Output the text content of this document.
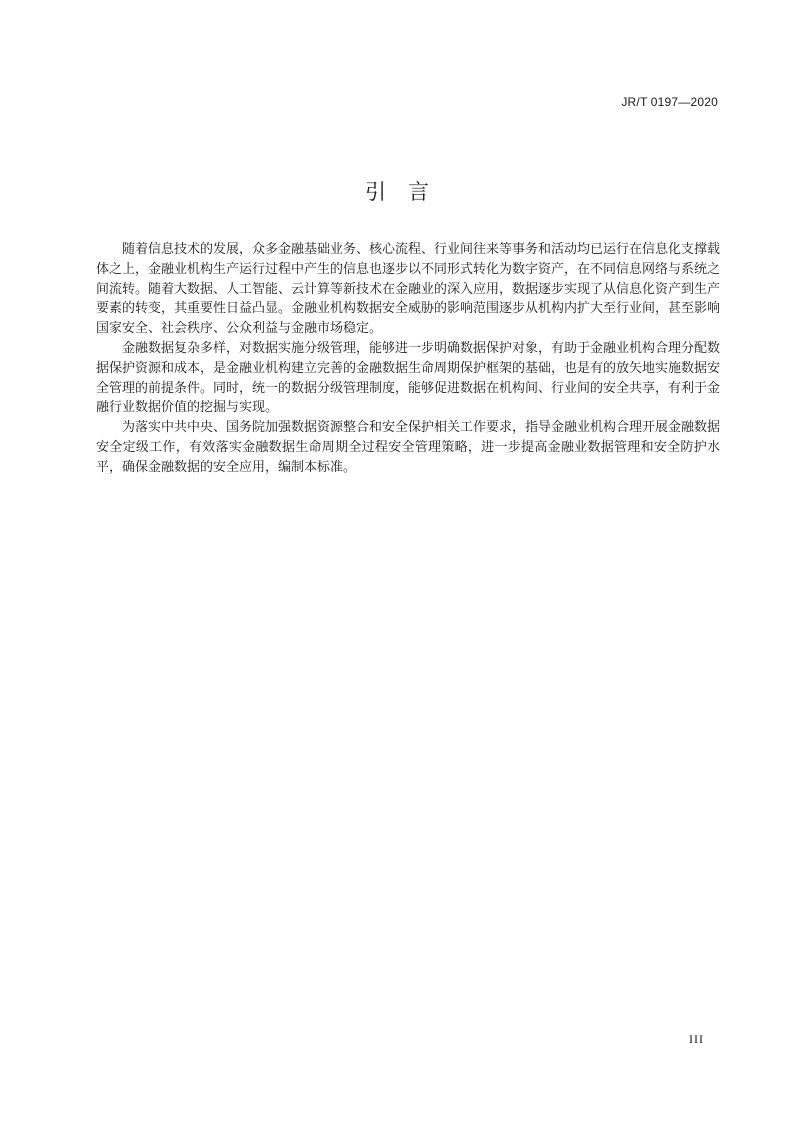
JR/T 0197—2020
引言

随着信息技术的发展，众多金融基础业务、核心流程、行业间往来等事务和活动均已运行在信息化支撑载体之上，金融业机构生产运行过程中产生的信息也逐步以不同形式转化为数字资产，在不同信息网络与系统之间流转。随着大数据、人工智能、云计算等新技术在金融业的深入应用，数据逐步实现了从信息化资产到生产要素的转变，其重要性日益凸显。金融业机构数据安全威胁的影响范围逐步从机构内扩大至行业间，甚至影响国家安全、社会秩序、公众利益与金融市场稳定。

金融数据复杂多样，对数据实施分级管理，能够进一步明确数据保护对象，有助于金融业机构合理分配数据保护资源和成本，是金融业机构建立完善的金融数据生命周期保护框架的基础，也是有的放矢地实施数据安全管理的前提条件。同时，统一的数据分级管理制度，能够促进数据在机构间、行业间的安全共享，有利于金融行业数据价值的挖掘与实现。

为落实中共中央、国务院加强数据资源整合和安全保护相关工作要求，指导金融业机构合理开展金融数据安全定级工作，有效落实金融数据生命周期全过程安全管理策略，进一步提高金融业数据管理和安全防护水平，确保金融数据的安全应用，编制本标准。

III
